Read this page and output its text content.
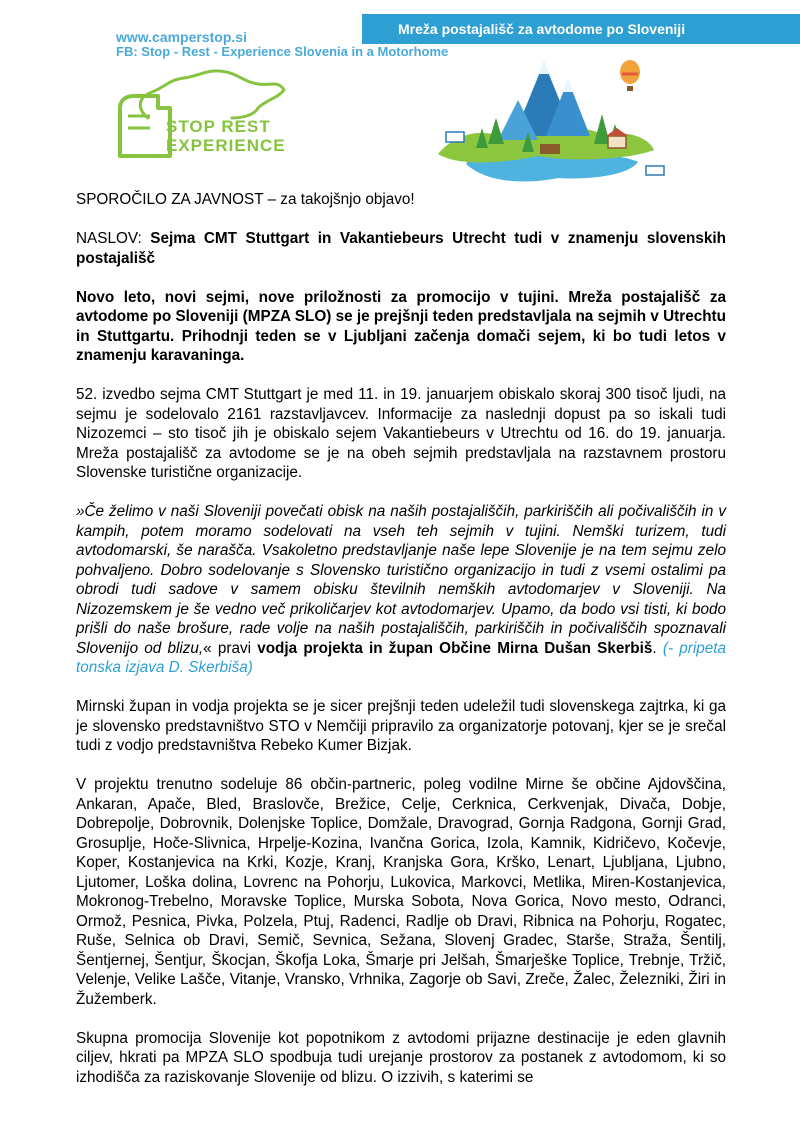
Mreža postajališč za avtodome po Sloveniji
www.camperstop.si
FB: Stop - Rest - Experience Slovenia in a Motorhome
STOP REST
EXPERIENCE

SPOROČILO ZA JAVNOST – za takojšnjo objavo!

NASLOV: Sejma CMT Stuttgart in Vakantiebeurs Utrecht tudi v znamenju slovenskih postajališč

Novo leto, novi sejmi, nove priložnosti za promocijo v tujini. Mreža postajališč za avtodome po Sloveniji (MPZA SLO) se je prejšnji teden predstavljala na sejmih v Utrechtu in Stuttgartu. Prihodnji teden se v Ljubljani začenja domači sejem, ki bo tudi letos v znamenju karavaninga.

52. izvedbo sejma CMT Stuttgart je med 11. in 19. januarjem obiskalo skoraj 300 tisoč ljudi, na sejmu je sodelovalo 2161 razstavljavcev. Informacije za naslednji dopust pa so iskali tudi Nizozemci – sto tisoč jih je obiskalo sejem Vakantiebeurs v Utrechtu od 16. do 19. januarja. Mreža postajališč za avtodome se je na obeh sejmih predstavljala na razstavnem prostoru Slovenske turistične organizacije.

»Če želimo v naši Sloveniji povečati obisk na naših postajališčih, parkiriščih ali počivališčih in v kampih, potem moramo sodelovati na vseh teh sejmih v tujini. Nemški turizem, tudi avtodomarski, še narašča. Vsakoletno predstavljanje naše lepe Slovenije je na tem sejmu zelo pohvaljeno. Dobro sodelovanje s Slovensko turistično organizacijo in tudi z vsemi ostalimi pa obrodi tudi sadove v samem obisku številnih nemških avtodomarjev v Sloveniji. Na Nizozemskem je še vedno več prikoličarjev kot avtodomarjev. Upamo, da bodo vsi tisti, ki bodo prišli do naše brošure, rade volje na naših postajališčih, parkiriščih in počivališčih spoznavali Slovenijo od blizu,« pravi vodja projekta in župan Občine Mirna Dušan Skerbiš. (- pripeta tonska izjava D. Skerbiša)

Mirnski župan in vodja projekta se je sicer prejšnji teden udeležil tudi slovenskega zajtrka, ki ga je slovensko predstavništvo STO v Nemčiji pripravilo za organizatorje potovanj, kjer se je srečal tudi z vodjo predstavništva Rebeko Kumer Bizjak.

V projektu trenutno sodeluje 86 občin-partneric, poleg vodilne Mirne še občine Ajdovščina, Ankaran, Apače, Bled, Braslovče, Brežice, Celje, Cerknica, Cerkvenjak, Divača, Dobje, Dobrepolje, Dobrovnik, Dolenjske Toplice, Domžale, Dravograd, Gornja Radgona, Gornji Grad, Grosuplje, Hoče-Slivnica, Hrpelje-Kozina, Ivančna Gorica, Izola, Kamnik, Kidričevo, Kočevje, Koper, Kostanjevica na Krki, Kozje, Kranj, Kranjska Gora, Krško, Lenart, Ljubljana, Ljubno, Ljutomer, Loška dolina, Lovrenc na Pohorju, Lukovica, Markovci, Metlika, Miren-Kostanjevica, Mokronog-Trebelno, Moravske Toplice, Murska Sobota, Nova Gorica, Novo mesto, Odranci, Ormož, Pesnica, Pivka, Polzela, Ptuj, Radenci, Radlje ob Dravi, Ribnica na Pohorju, Rogatec, Ruše, Selnica ob Dravi, Semič, Sevnica, Sežana, Slovenj Gradec, Starše, Straža, Šentilj, Šentjernej, Šentjur, Škocjan, Škofja Loka, Šmarje pri Jelšah, Šmarješke Toplice, Trebnje, Tržič, Velenje, Velike Lašče, Vitanje, Vransko, Vrhnika, Zagorje ob Savi, Zreče, Žalec, Železniki, Žiri in Žužemberk.

Skupna promocija Slovenije kot popotnikom z avtodomi prijazne destinacije je eden glavnih ciljev, hkrati pa MPZA SLO spodbuja tudi urejanje prostorov za postanek z avtodomom, ki so izhodišča za raziskovanje Slovenije od blizu. O izzivih, s katerimi se
